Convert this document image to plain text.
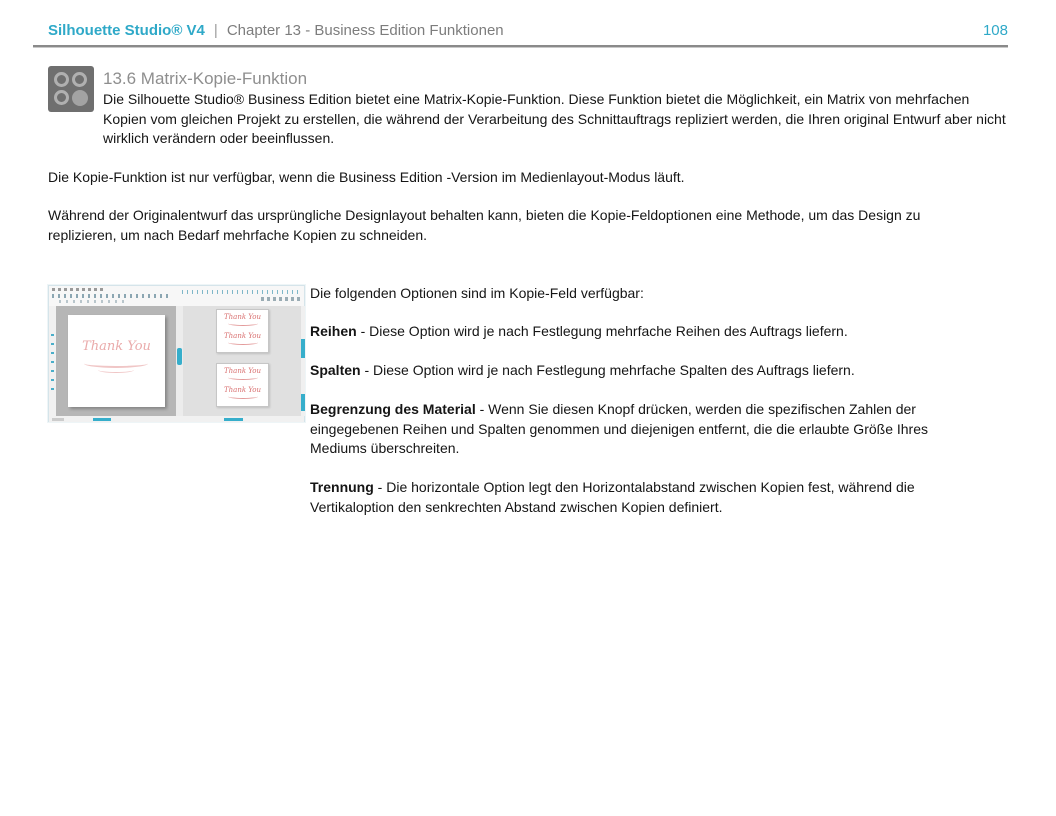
Silhouette Studio® V4 | Chapter 13 - Business Edition Funktionen	108
13.6 Matrix-Kopie-Funktion
Die Silhouette Studio® Business Edition bietet eine Matrix-Kopie-Funktion. Diese Funktion bietet die Möglichkeit, ein Matrix von mehrfachen Kopien vom gleichen Projekt zu erstellen, die während der Verarbeitung des Schnittauftrags repliziert werden, die Ihren original Entwurf aber nicht wirklich verändern oder beeinflussen.
Die Kopie-Funktion ist nur verfügbar, wenn die Business Edition -Version im Medienlayout-Modus läuft.
Während der Originalentwurf das ursprüngliche Designlayout behalten kann, bieten die Kopie-Feldoptionen eine Methode, um das Design zu replizieren, um nach Bedarf mehrfache Kopien zu schneiden.
Thank You
Thank You
Thank You
Thank You
Thank You
Die folgenden Optionen sind im Kopie-Feld verfügbar:
Reihen - Diese Option wird je nach Festlegung mehrfache Reihen des Auftrags liefern.
Spalten - Diese Option wird je nach Festlegung mehrfache Spalten des Auftrags liefern.
Begrenzung des Material - Wenn Sie diesen Knopf drücken, werden die spezifischen Zahlen der eingegebenen Reihen und Spalten genommen und diejenigen entfernt, die die erlaubte Größe Ihres Mediums überschreiten.
Trennung - Die horizontale Option legt den Horizontalabstand zwischen Kopien fest, während die Vertikaloption den senkrechten Abstand zwischen Kopien definiert.
